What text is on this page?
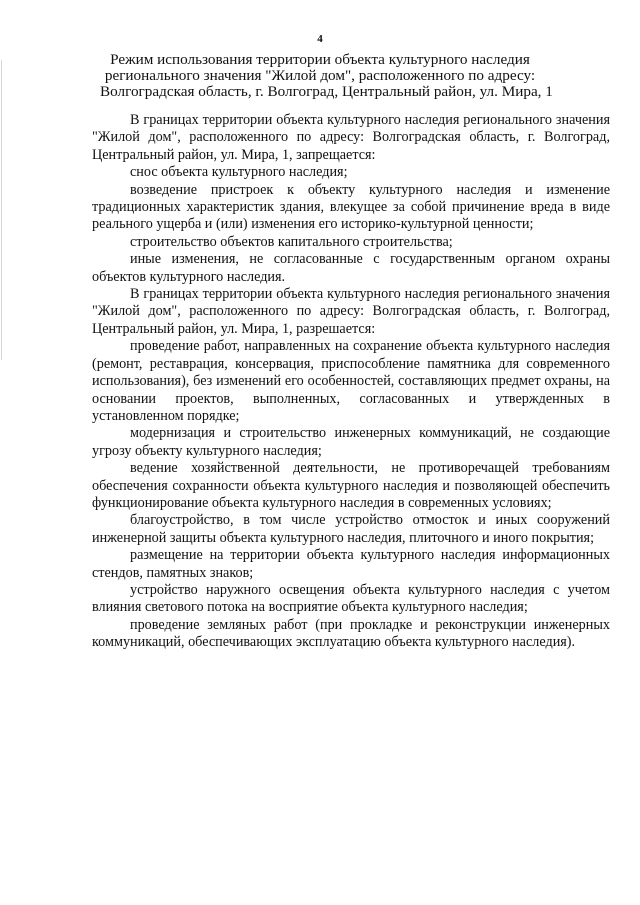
4
Режим использования территории объекта культурного наследия
регионального значения "Жилой дом", расположенного по адресу:
Волгоградская область, г. Волгоград, Центральный район, ул. Мира, 1

В границах территории объекта культурного наследия регионального значения "Жилой дом", расположенного по адресу: Волгоградская область, г. Волгоград, Центральный район, ул. Мира, 1, запрещается:

снос объекта культурного наследия;

возведение пристроек к объекту культурного наследия и изменение традиционных характеристик здания, влекущее за собой причинение вреда в виде реального ущерба и (или) изменения его историко-культурной ценности;

строительство объектов капитального строительства;

иные изменения, не согласованные с государственным органом охраны объектов культурного наследия.

В границах территории объекта культурного наследия регионального значения "Жилой дом", расположенного по адресу: Волгоградская область, г. Волгоград, Центральный район, ул. Мира, 1, разрешается:

проведение работ, направленных на сохранение объекта культурного наследия (ремонт, реставрация, консервация, приспособление памятника для современного использования), без изменений его особенностей, составляющих предмет охраны, на основании проектов, выполненных, согласованных и утвержденных в установленном порядке;

модернизация и строительство инженерных коммуникаций, не создающие угрозу объекту культурного наследия;

ведение хозяйственной деятельности, не противоречащей требованиям обеспечения сохранности объекта культурного наследия и позволяющей обеспечить функционирование объекта культурного наследия в современных условиях;

благоустройство, в том числе устройство отмосток и иных сооружений инженерной защиты объекта культурного наследия, плиточного и иного покрытия;

размещение на территории объекта культурного наследия информационных стендов, памятных знаков;

устройство наружного освещения объекта культурного наследия с учетом влияния светового потока на восприятие объекта культурного наследия;

проведение земляных работ (при прокладке и реконструкции инженерных коммуникаций, обеспечивающих эксплуатацию объекта культурного наследия).
